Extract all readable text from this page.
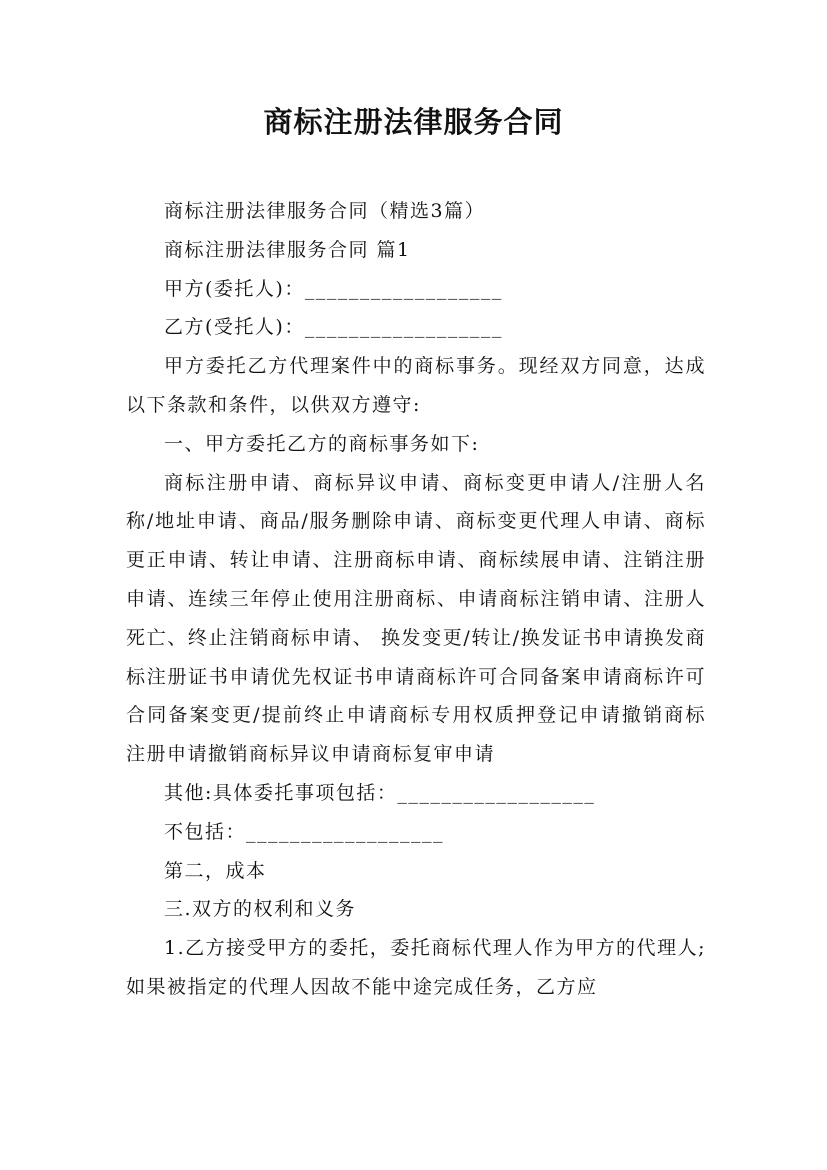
商标注册法律服务合同

商标注册法律服务合同（精选3篇）

商标注册法律服务合同 篇1

甲方(委托人)：__________________

乙方(受托人)：__________________

甲方委托乙方代理案件中的商标事务。现经双方同意，达成以下条款和条件，以供双方遵守:

一、甲方委托乙方的商标事务如下:

商标注册申请、商标异议申请、商标变更申请人/注册人名称/地址申请、商品/服务删除申请、商标变更代理人申请、商标更正申请、转让申请、注册商标申请、商标续展申请、注销注册申请、连续三年停止使用注册商标、申请商标注销申请、注册人死亡、终止注销商标申请、 换发变更/转让/换发证书申请换发商标注册证书申请优先权证书申请商标许可合同备案申请商标许可合同备案变更/提前终止申请商标专用权质押登记申请撤销商标注册申请撤销商标异议申请商标复审申请

其他:具体委托事项包括：__________________

不包括：__________________

第二，成本

三.双方的权利和义务

1.乙方接受甲方的委托，委托商标代理人作为甲方的代理人;如果被指定的代理人因故不能中途完成任务，乙方应
